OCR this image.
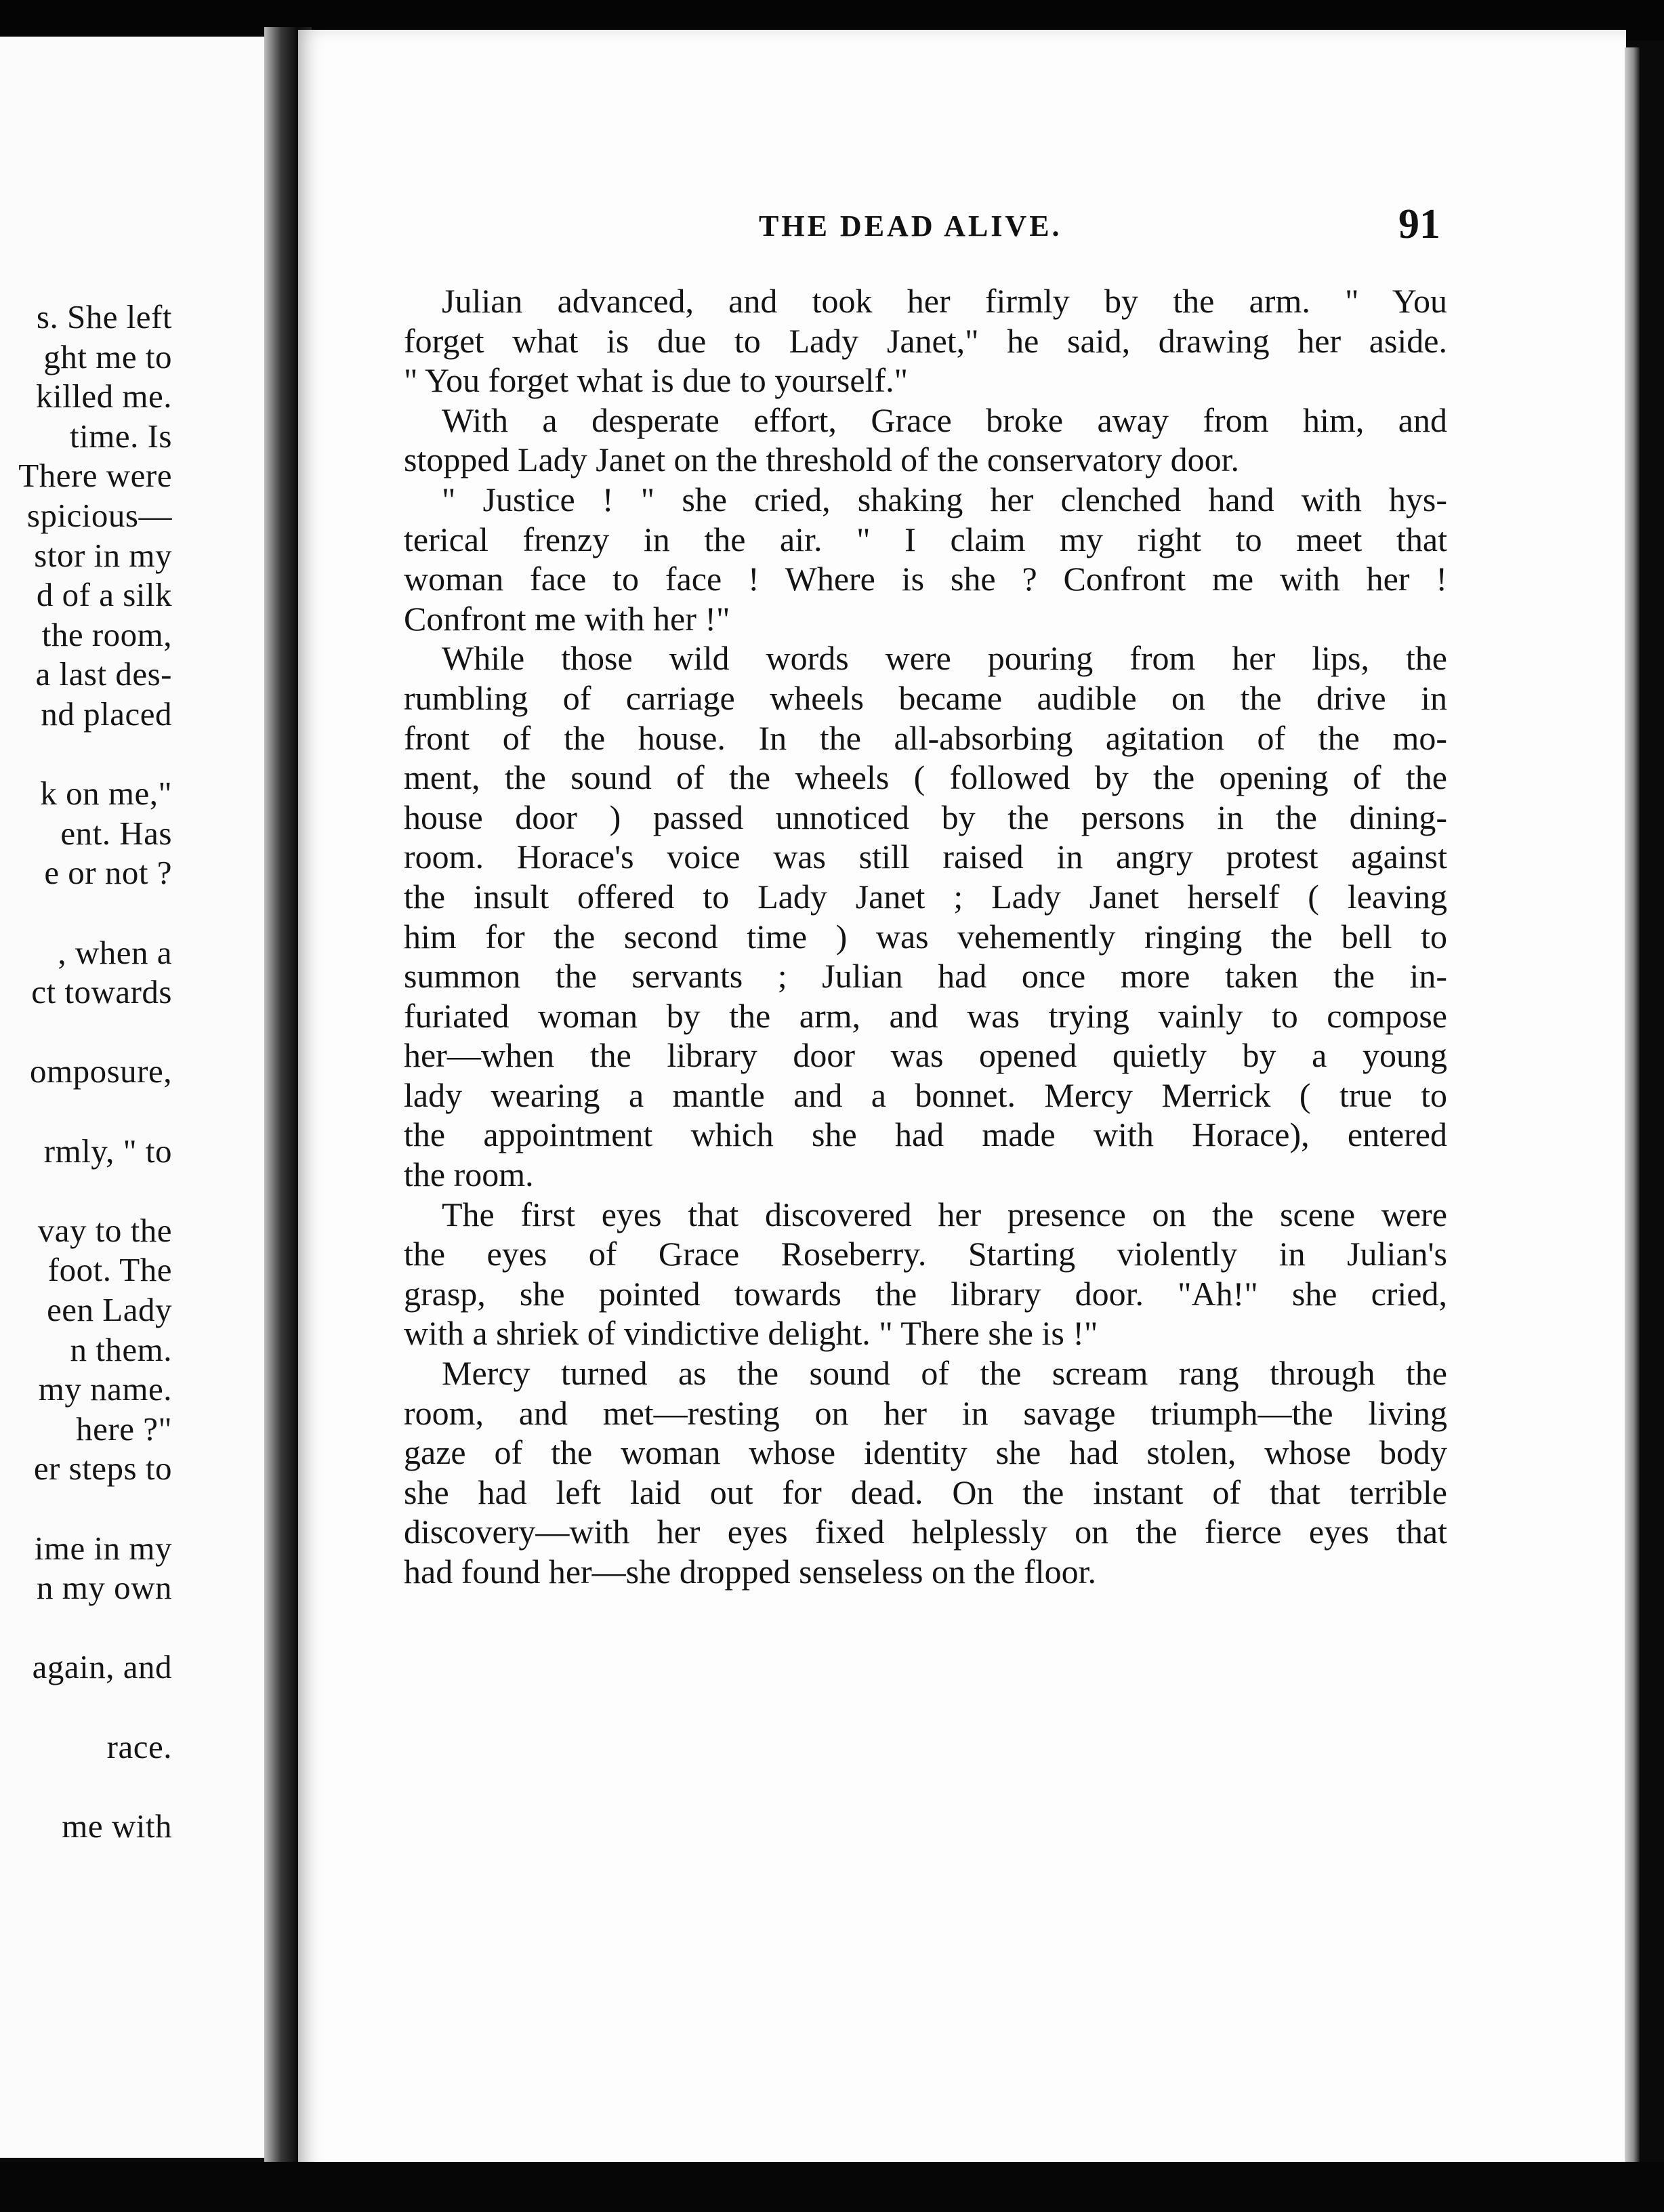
s. She left
ght me to
killed me.
time. Is
There were
spicious—
stor in my
d of a silk
the room,
a last des-
nd placed
k on me,"
ent. Has
e or not ?
, when a
ct towards
omposure,
rmly, " to
vay to the
foot. The
een Lady
n them.
my name.
here ?"
er steps to
ime in my
n my own
again, and
race.
me with
THE DEAD ALIVE.	91
Julian advanced, and took her firmly by the arm. " You
forget what is due to Lady Janet," he said, drawing her aside.
" You forget what is due to yourself."
With a desperate effort, Grace broke away from him, and
stopped Lady Janet on the threshold of the conservatory door.
" Justice ! " she cried, shaking her clenched hand with hys-
terical frenzy in the air. " I claim my right to meet that
woman face to face ! Where is she ? Confront me with her !
Confront me with her !"
While those wild words were pouring from her lips, the
rumbling of carriage wheels became audible on the drive in
front of the house. In the all-absorbing agitation of the mo-
ment, the sound of the wheels ( followed by the opening of the
house door ) passed unnoticed by the persons in the dining-
room. Horace's voice was still raised in angry protest against
the insult offered to Lady Janet ; Lady Janet herself ( leaving
him for the second time ) was vehemently ringing the bell to
summon the servants ; Julian had once more taken the in-
furiated woman by the arm, and was trying vainly to compose
her—when the library door was opened quietly by a young
lady wearing a mantle and a bonnet. Mercy Merrick ( true to
the appointment which she had made with Horace), entered
the room.
The first eyes that discovered her presence on the scene were
the eyes of Grace Roseberry. Starting violently in Julian's
grasp, she pointed towards the library door. "Ah!" she cried,
with a shriek of vindictive delight. " There she is !"
Mercy turned as the sound of the scream rang through the
room, and met—resting on her in savage triumph—the living
gaze of the woman whose identity she had stolen, whose body
she had left laid out for dead. On the instant of that terrible
discovery—with her eyes fixed helplessly on the fierce eyes that
had found her—she dropped senseless on the floor.
